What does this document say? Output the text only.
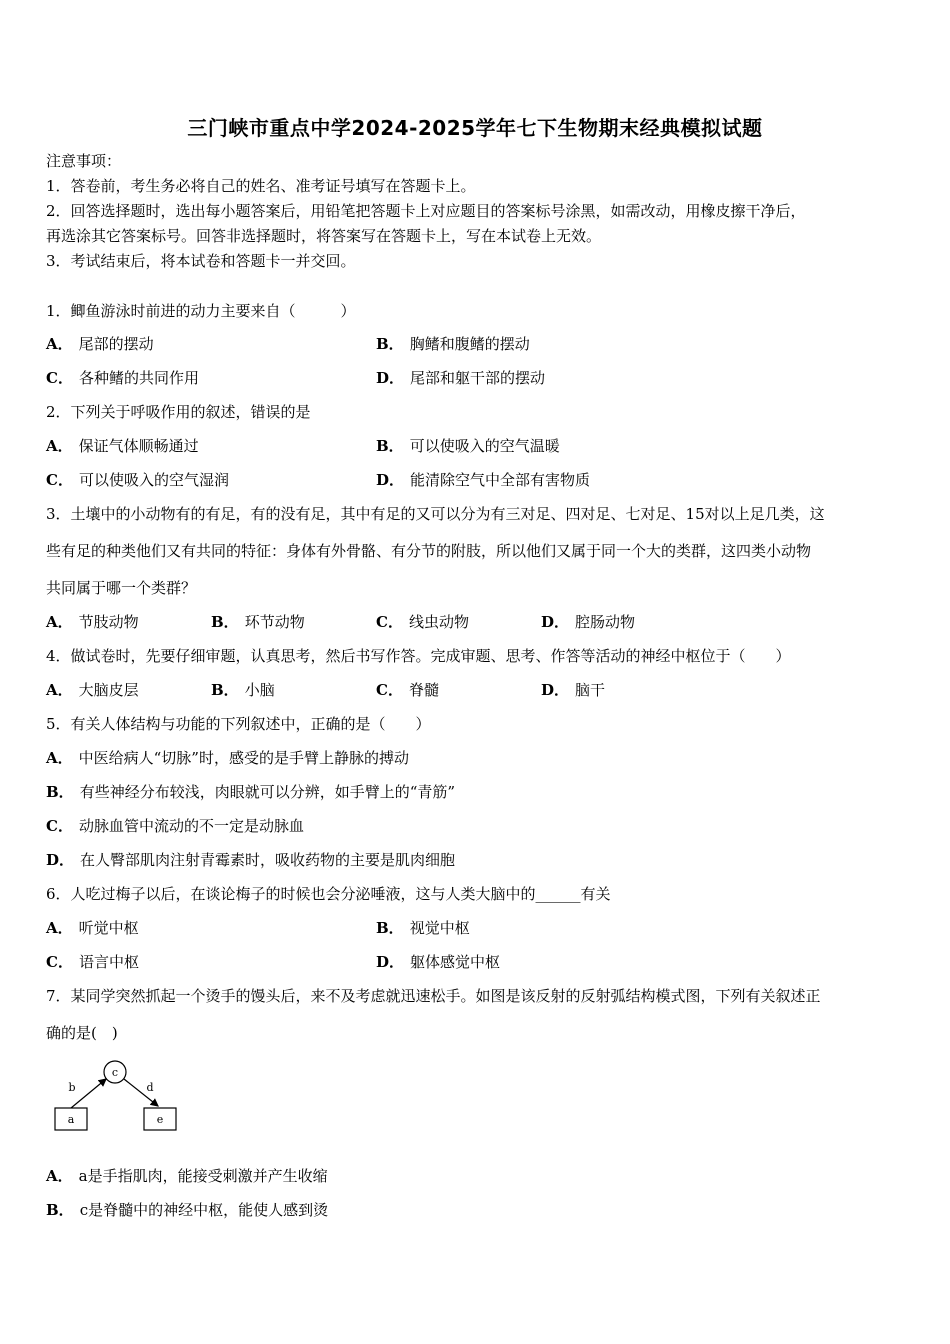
三门峡市重点中学2024-2025学年七下生物期末经典模拟试题
注意事项：
1．答卷前，考生务必将自己的姓名、准考证号填写在答题卡上。
2．回答选择题时，选出每小题答案后，用铅笔把答题卡上对应题目的答案标号涂黑，如需改动，用橡皮擦干净后，
再选涂其它答案标号。回答非选择题时，将答案写在答题卡上，写在本试卷上无效。
3．考试结束后，将本试卷和答题卡一并交回。
1．鲫鱼游泳时前进的动力主要来自（　　　）
A． 尾部的摆动	B． 胸鳍和腹鳍的摆动
C． 各种鳍的共同作用	D． 尾部和躯干部的摆动
2．下列关于呼吸作用的叙述，错误的是
A． 保证气体顺畅通过	B． 可以使吸入的空气温暖
C． 可以使吸入的空气湿润	D． 能清除空气中全部有害物质
3．土壤中的小动物有的有足，有的没有足，其中有足的又可以分为有三对足、四对足、七对足、15对以上足几类，这
些有足的种类他们又有共同的特征：身体有外骨骼、有分节的附肢，所以他们又属于同一个大的类群，这四类小动物
共同属于哪一个类群？
A． 节肢动物	B． 环节动物	C． 线虫动物	D． 腔肠动物
4．做试卷时，先要仔细审题，认真思考，然后书写作答。完成审题、思考、作答等活动的神经中枢位于（　　）
A． 大脑皮层	B． 小脑	C． 脊髓	D． 脑干
5．有关人体结构与功能的下列叙述中，正确的是（　　）
A． 中医给病人“切脉”时，感受的是手臂上静脉的搏动
B． 有些神经分布较浅，肉眼就可以分辨，如手臂上的“青筋”
C． 动脉血管中流动的不一定是动脉血
D． 在人臀部肌肉注射青霉素时，吸收药物的主要是肌肉细胞
6．人吃过梅子以后，在谈论梅子的时候也会分泌唾液，这与人类大脑中的______有关
A． 听觉中枢	B． 视觉中枢
C． 语言中枢	D． 躯体感觉中枢
7．某同学突然抓起一个烫手的馒头后，来不及考虑就迅速松手。如图是该反射的反射弧结构模式图，下列有关叙述正
确的是(　)
c
a	e
b	d
A． a是手指肌肉，能接受刺激并产生收缩
B． c是脊髓中的神经中枢，能使人感到烫
